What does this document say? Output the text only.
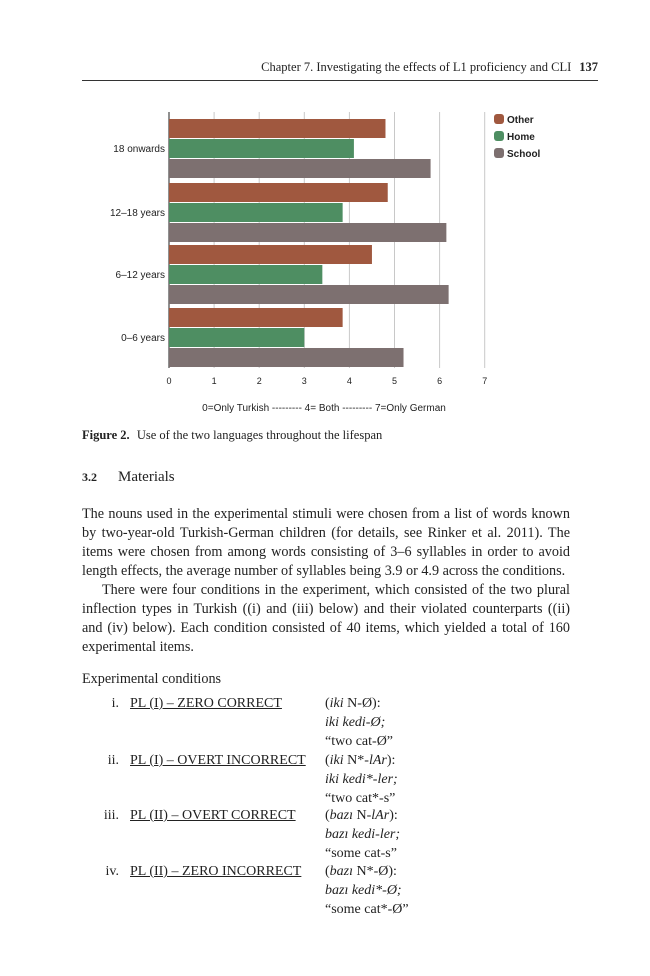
Chapter 7. Investigating the effects of L1 proficiency and CLI 137
18 onwards
12–18 years
6–12 years
0–6 years
0	1	2	3	4	5	6	7
Other
Home
School
0=Only Turkish --------- 4= Both --------- 7=Only German
Figure 2. Use of the two languages throughout the lifespan
3.2 Materials

The nouns used in the experimental stimuli were chosen from a list of words known by two-year-old Turkish-German children (for details, see Rinker et al. 2011). The items were chosen from among words consisting of 3–6 syllables in order to avoid length effects, the average number of syllables being 3.9 or 4.9 across the conditions.

There were four conditions in the experiment, which consisted of the two plural inflection types in Turkish ((i) and (iii) below) and their violated counterparts ((ii) and (iv) below). Each condition consisted of 40 items, which yielded a total of 160 experimental items.

Experimental conditions
i. PL (I) – ZERO CORRECT	(iki N-Ø):
iki kedi-Ø;
“two cat-Ø”
ii. PL (I) – OVERT INCORRECT (iki N*-lAr):
iki kedi*-ler;
“two cat*-s”
iii. PL (II) – OVERT CORRECT (bazı N-lAr):
bazı kedi-ler;
“some cat-s”
iv. PL (II) – ZERO INCORRECT (bazı N*-Ø):
bazı kedi*-Ø;
“some cat*-Ø”
